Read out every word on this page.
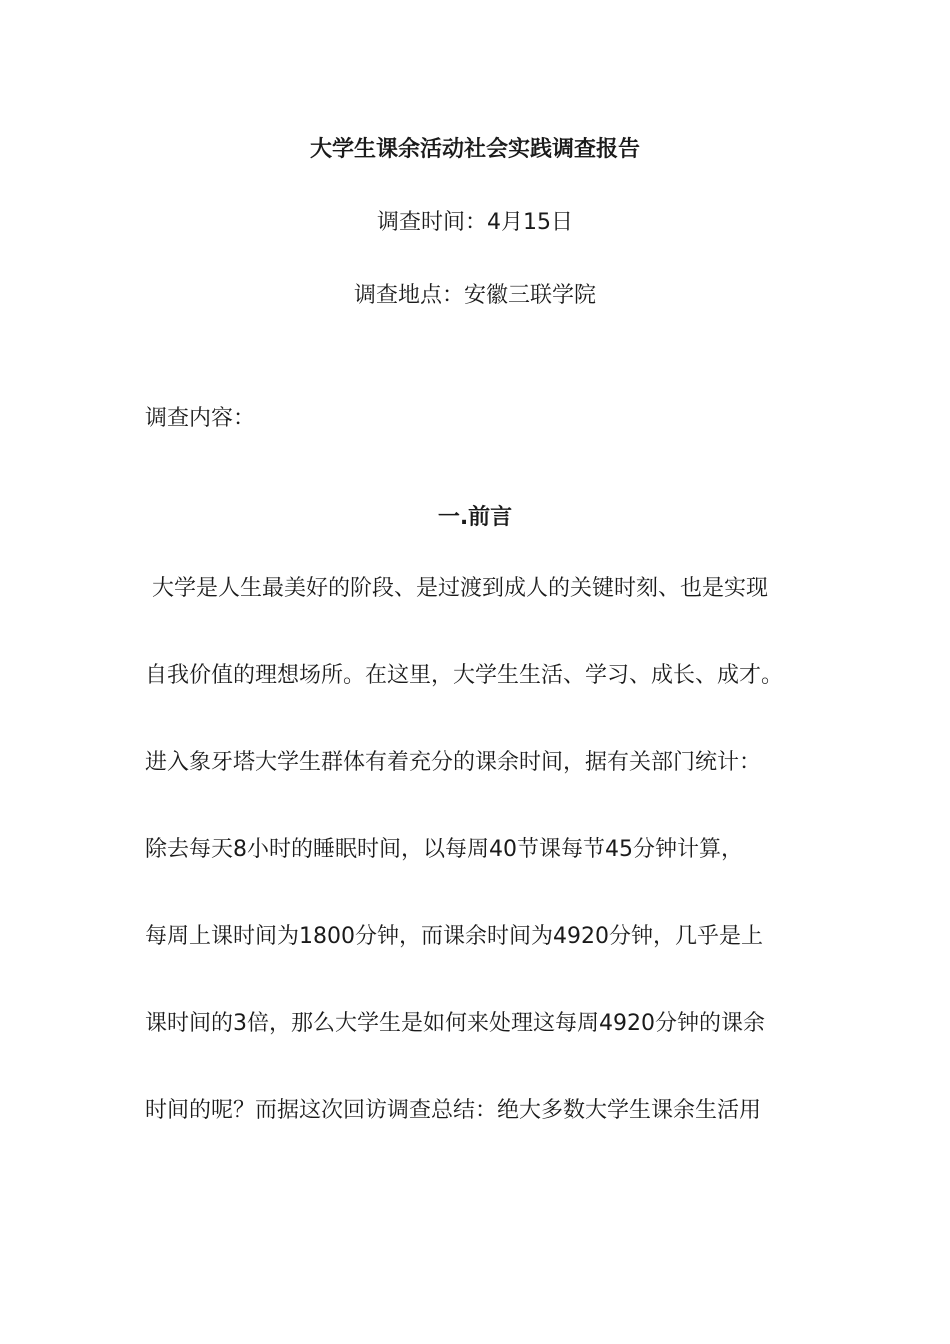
大学生课余活动社会实践调查报告
调查时间：4月15日
调查地点：安徽三联学院
调查内容：
一.前言
大学是人生最美好的阶段、是过渡到成人的关键时刻、也是实现
自我价值的理想场所。在这里，大学生生活、学习、成长、成才。
进入象牙塔大学生群体有着充分的课余时间，据有关部门统计：
除去每天8小时的睡眠时间，以每周40节课每节45分钟计算，
每周上课时间为1800分钟，而课余时间为4920分钟，几乎是上
课时间的3倍，那么大学生是如何来处理这每周4920分钟的课余
时间的呢？而据这次回访调查总结：绝大多数大学生课余生活用
